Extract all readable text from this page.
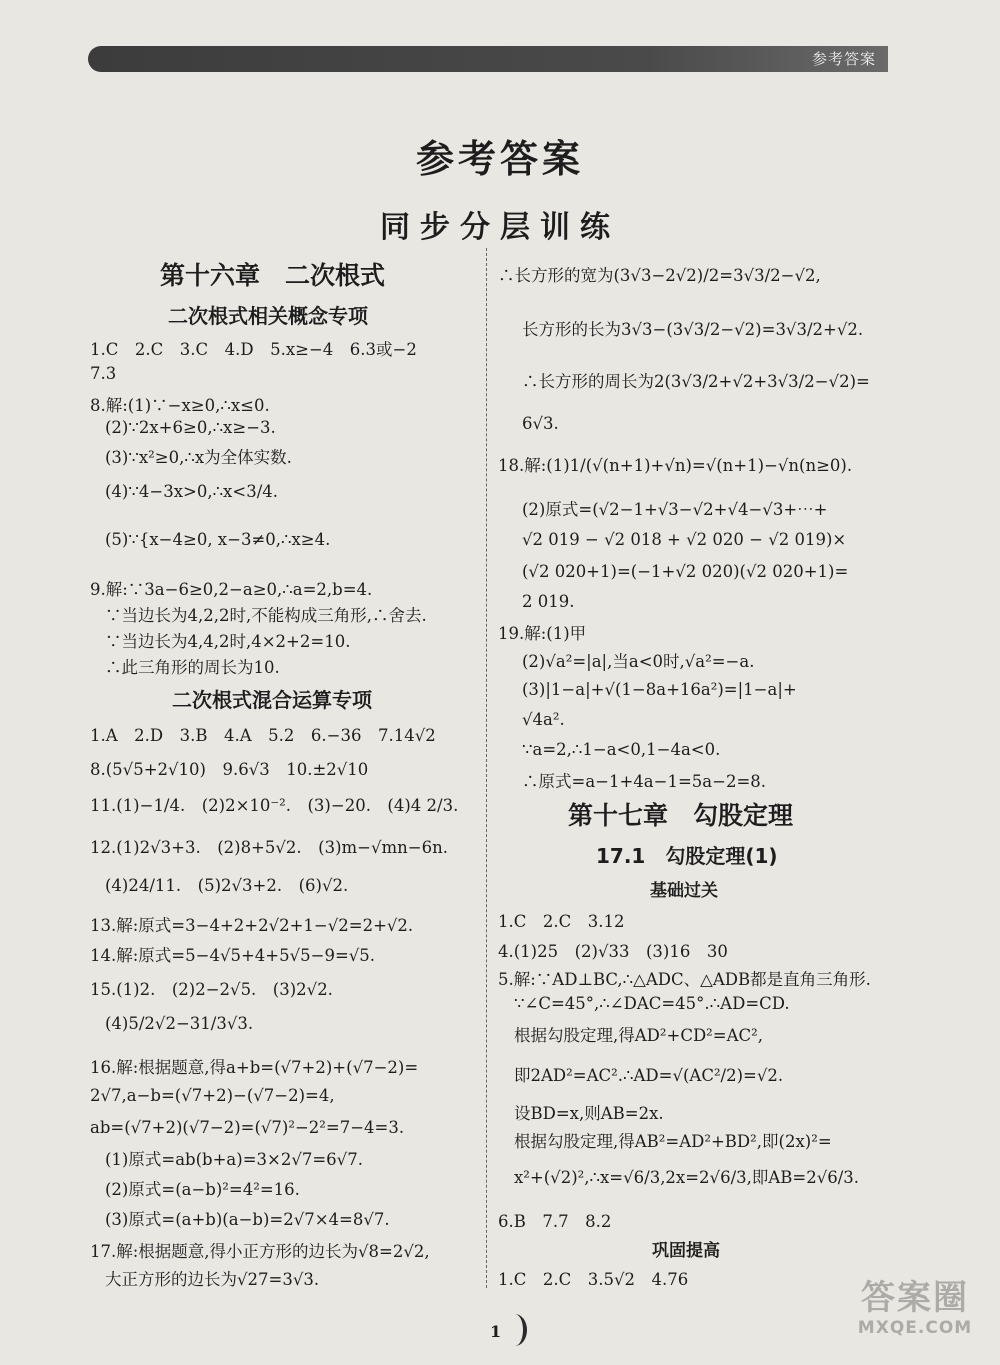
参考答案
参考答案
同步分层训练
第十六章　二次根式
二次根式相关概念专项
1.C　2.C　3.C　4.D　5.x≥−4　6.3或−2
7.3
8.解:(1)∵−x≥0,∴x≤0.
(2)∵2x+6≥0,∴x≥−3.
(3)∵x²≥0,∴x为全体实数.
(4)∵4−3x>0,∴x<3/4.
(5)∵{x−4≥0, x−3≠0,∴x≥4.
9.解:∵3a−6≥0,2−a≥0,∴a=2,b=4.
∵当边长为4,2,2时,不能构成三角形,∴舍去.
∵当边长为4,4,2时,4×2+2=10.
∴此三角形的周长为10.
二次根式混合运算专项
1.A　2.D　3.B　4.A　5.2　6.−36　7.14√2
8.(5√5+2√10)　9.6√3　10.±2√10
11.(1)−1/4.　(2)2×10⁻².　(3)−20.　(4)4 2/3.
12.(1)2√3+3.　(2)8+5√2.　(3)m−√mn−6n.
(4)24/11.　(5)2√3+2.　(6)√2.
13.解:原式=3−4+2+2√2+1−√2=2+√2.
14.解:原式=5−4√5+4+5√5−9=√5.
15.(1)2.　(2)2−2√5.　(3)2√2.
(4)5/2√2−31/3√3.
16.解:根据题意,得a+b=(√7+2)+(√7−2)=
2√7,a−b=(√7+2)−(√7−2)=4,
ab=(√7+2)(√7−2)=(√7)²−2²=7−4=3.
(1)原式=ab(b+a)=3×2√7=6√7.
(2)原式=(a−b)²=4²=16.
(3)原式=(a+b)(a−b)=2√7×4=8√7.
17.解:根据题意,得小正方形的边长为√8=2√2,
大正方形的边长为√27=3√3.
∴长方形的宽为(3√3−2√2)/2=3√3/2−√2,
长方形的长为3√3−(3√3/2−√2)=3√3/2+√2.
∴长方形的周长为2(3√3/2+√2+3√3/2−√2)=
6√3.
18.解:(1)1/(√(n+1)+√n)=√(n+1)−√n(n≥0).
(2)原式=(√2−1+√3−√2+√4−√3+⋯+
√2 019 − √2 018 + √2 020 − √2 019)×
(√2 020+1)=(−1+√2 020)(√2 020+1)=
2 019.
19.解:(1)甲
(2)√a²=|a|,当a<0时,√a²=−a.
(3)|1−a|+√(1−8a+16a²)=|1−a|+
√4a².
∵a=2,∴1−a<0,1−4a<0.
∴原式=a−1+4a−1=5a−2=8.
第十七章　勾股定理
17.1　勾股定理(1)
基础过关
1.C　2.C　3.12
4.(1)25　(2)√33　(3)16　30
5.解:∵AD⊥BC,∴△ADC、△ADB都是直角三角形.
∵∠C=45°,∴∠DAC=45°.∴AD=CD.
根据勾股定理,得AD²+CD²=AC²,
即2AD²=AC².∴AD=√(AC²/2)=√2.
设BD=x,则AB=2x.
根据勾股定理,得AB²=AD²+BD²,即(2x)²=
x²+(√2)²,∴x=√6/3,2x=2√6/3,即AB=2√6/3.
6.B　7.7　8.2
巩固提高
1.C　2.C　3.5√2　4.76
1
答案圈
MXQE.COM
